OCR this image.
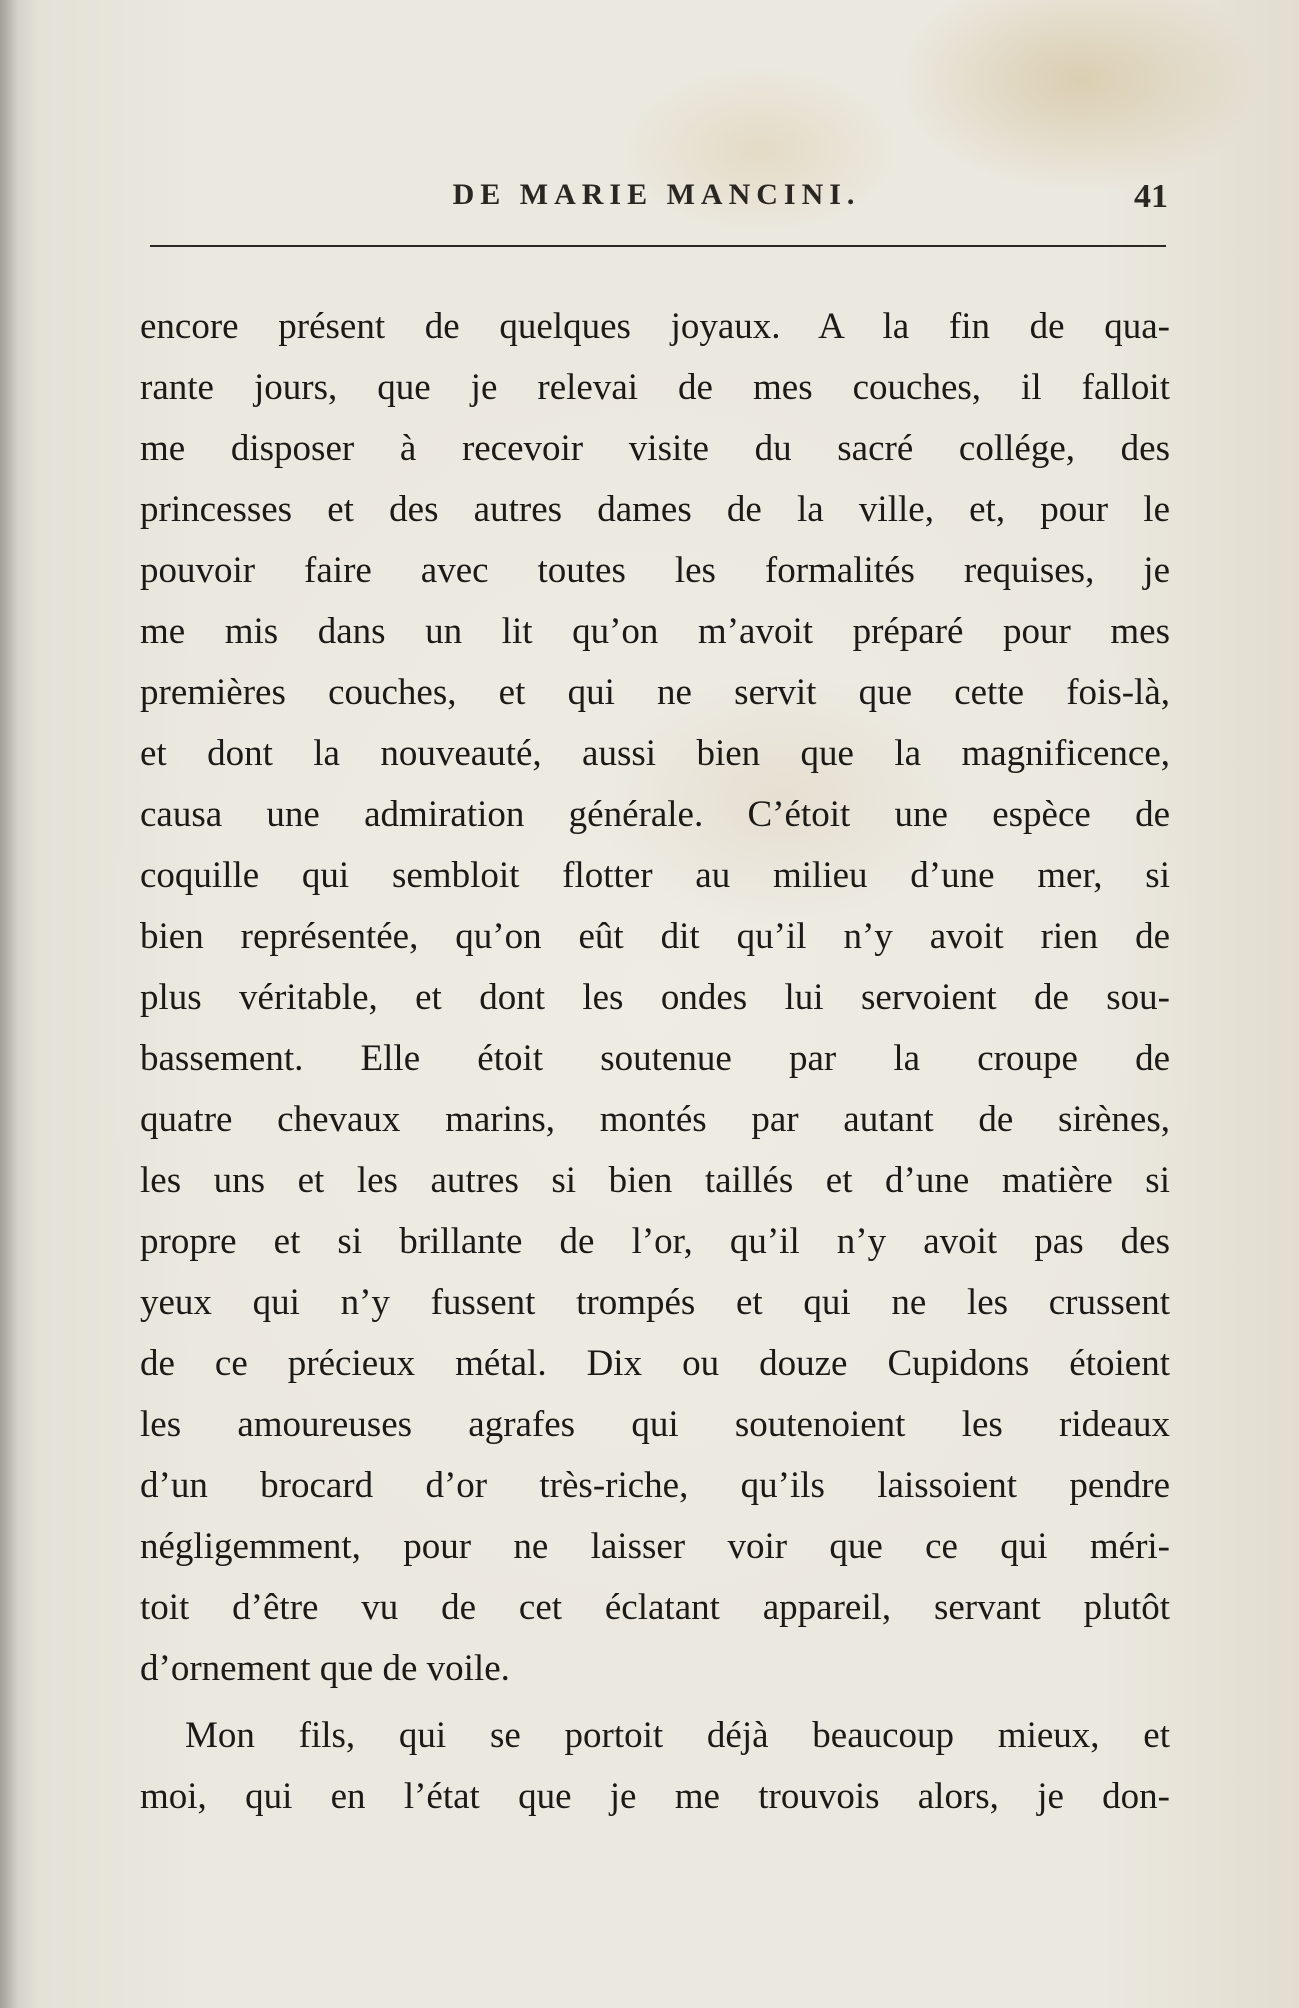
DE MARIE MANCINI.	41
encore présent de quelques joyaux. A la fin de qua-
rante jours, que je relevai de mes couches, il falloit
me disposer à recevoir visite du sacré collége, des
princesses et des autres dames de la ville, et, pour le
pouvoir faire avec toutes les formalités requises, je
me mis dans un lit qu’on m’avoit préparé pour mes
premières couches, et qui ne servit que cette fois-là,
et dont la nouveauté, aussi bien que la magnificence,
causa une admiration générale. C’étoit une espèce de
coquille qui sembloit flotter au milieu d’une mer, si
bien représentée, qu’on eût dit qu’il n’y avoit rien de
plus véritable, et dont les ondes lui servoient de sou-
bassement. Elle étoit soutenue par la croupe de
quatre chevaux marins, montés par autant de sirènes,
les uns et les autres si bien taillés et d’une matière si
propre et si brillante de l’or, qu’il n’y avoit pas des
yeux qui n’y fussent trompés et qui ne les crussent
de ce précieux métal. Dix ou douze Cupidons étoient
les amoureuses agrafes qui soutenoient les rideaux
d’un brocard d’or très-riche, qu’ils laissoient pendre
négligemment, pour ne laisser voir que ce qui méri-
toit d’être vu de cet éclatant appareil, servant plutôt
d’ornement que de voile.
Mon fils, qui se portoit déjà beaucoup mieux, et
moi, qui en l’état que je me trouvois alors, je don-
